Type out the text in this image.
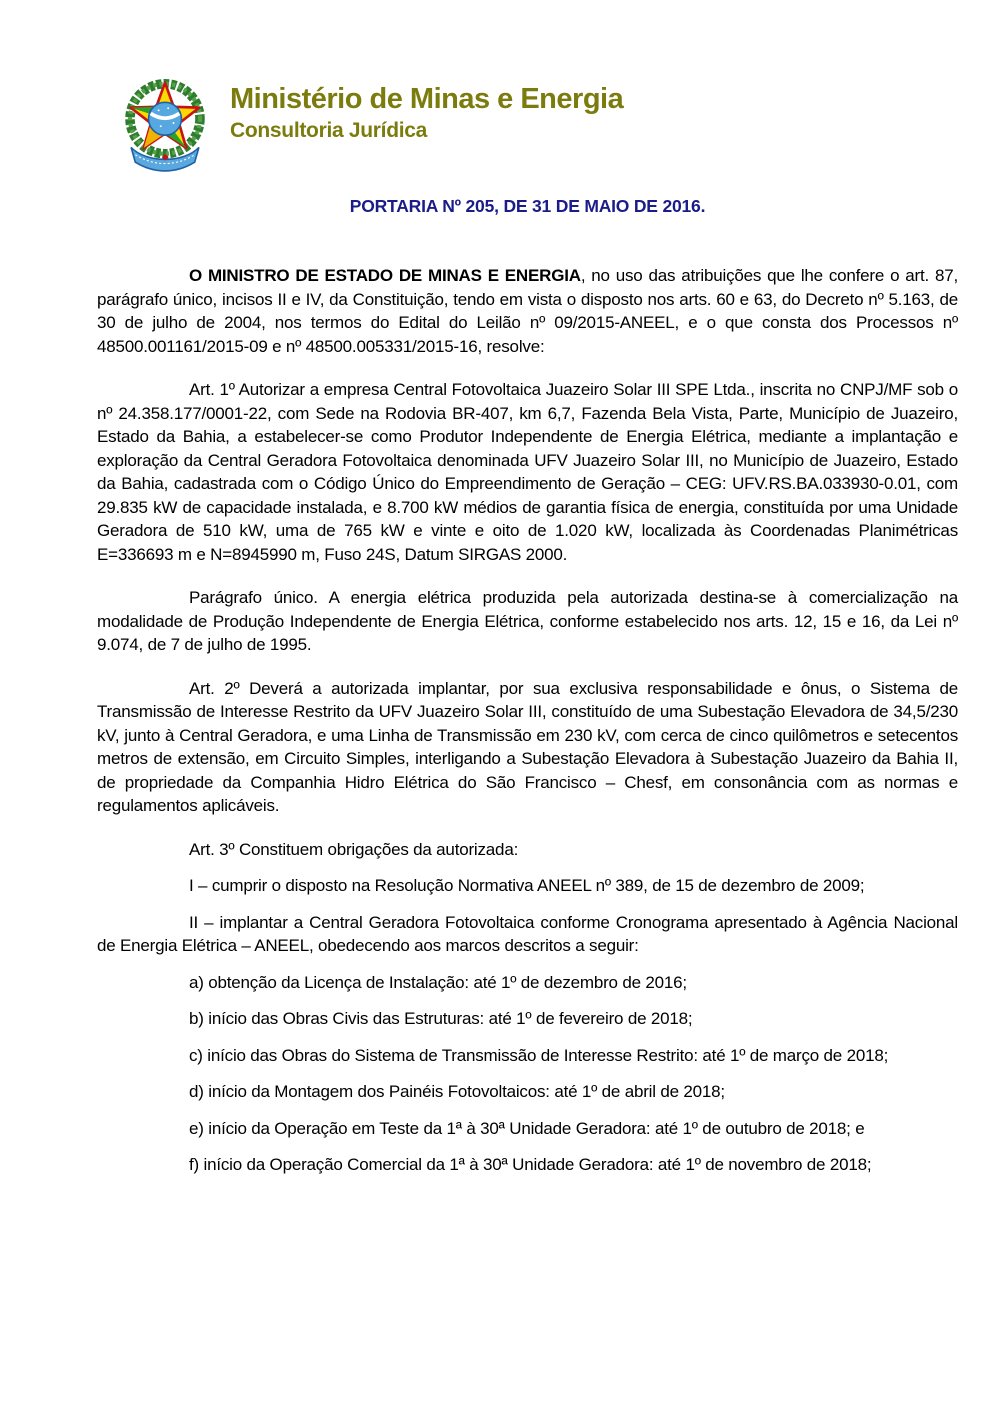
Ministério de Minas e Energia
Consultoria Jurídica
PORTARIA Nº 205, DE 31 DE MAIO DE 2016.

O MINISTRO DE ESTADO DE MINAS E ENERGIA, no uso das atribuições que lhe confere o art. 87, parágrafo único, incisos II e IV, da Constituição, tendo em vista o disposto nos arts. 60 e 63, do Decreto nº 5.163, de 30 de julho de 2004, nos termos do Edital do Leilão nº 09/2015-ANEEL, e o que consta dos Processos nº 48500.001161/2015-09 e nº 48500.005331/2015-16, resolve:

Art. 1º Autorizar a empresa Central Fotovoltaica Juazeiro Solar III SPE Ltda., inscrita no CNPJ/MF sob o nº 24.358.177/0001-22, com Sede na Rodovia BR-407, km 6,7, Fazenda Bela Vista, Parte, Município de Juazeiro, Estado da Bahia, a estabelecer-se como Produtor Independente de Energia Elétrica, mediante a implantação e exploração da Central Geradora Fotovoltaica denominada UFV Juazeiro Solar III, no Município de Juazeiro, Estado da Bahia, cadastrada com o Código Único do Empreendimento de Geração – CEG: UFV.RS.BA.033930-0.01, com 29.835 kW de capacidade instalada, e 8.700 kW médios de garantia física de energia, constituída por uma Unidade Geradora de 510 kW, uma de 765 kW e vinte e oito de 1.020 kW, localizada às Coordenadas Planimétricas E=336693 m e N=8945990 m, Fuso 24S, Datum SIRGAS 2000.

Parágrafo único. A energia elétrica produzida pela autorizada destina-se à comercialização na modalidade de Produção Independente de Energia Elétrica, conforme estabelecido nos arts. 12, 15 e 16, da Lei nº 9.074, de 7 de julho de 1995.

Art. 2º Deverá a autorizada implantar, por sua exclusiva responsabilidade e ônus, o Sistema de Transmissão de Interesse Restrito da UFV Juazeiro Solar III, constituído de uma Subestação Elevadora de 34,5/230 kV, junto à Central Geradora, e uma Linha de Transmissão em 230 kV, com cerca de cinco quilômetros e setecentos metros de extensão, em Circuito Simples, interligando a Subestação Elevadora à Subestação Juazeiro da Bahia II, de propriedade da Companhia Hidro Elétrica do São Francisco – Chesf, em consonância com as normas e regulamentos aplicáveis.

Art. 3º Constituem obrigações da autorizada:

I – cumprir o disposto na Resolução Normativa ANEEL nº 389, de 15 de dezembro de 2009;

II – implantar a Central Geradora Fotovoltaica conforme Cronograma apresentado à Agência Nacional de Energia Elétrica – ANEEL, obedecendo aos marcos descritos a seguir:

a) obtenção da Licença de Instalação: até 1º de dezembro de 2016;

b) início das Obras Civis das Estruturas: até 1º de fevereiro de 2018;

c) início das Obras do Sistema de Transmissão de Interesse Restrito: até 1º de março de 2018;

d) início da Montagem dos Painéis Fotovoltaicos: até 1º de abril de 2018;

e) início da Operação em Teste da 1ª à 30ª Unidade Geradora: até 1º de outubro de 2018; e

f) início da Operação Comercial da 1ª à 30ª Unidade Geradora: até 1º de novembro de 2018;
